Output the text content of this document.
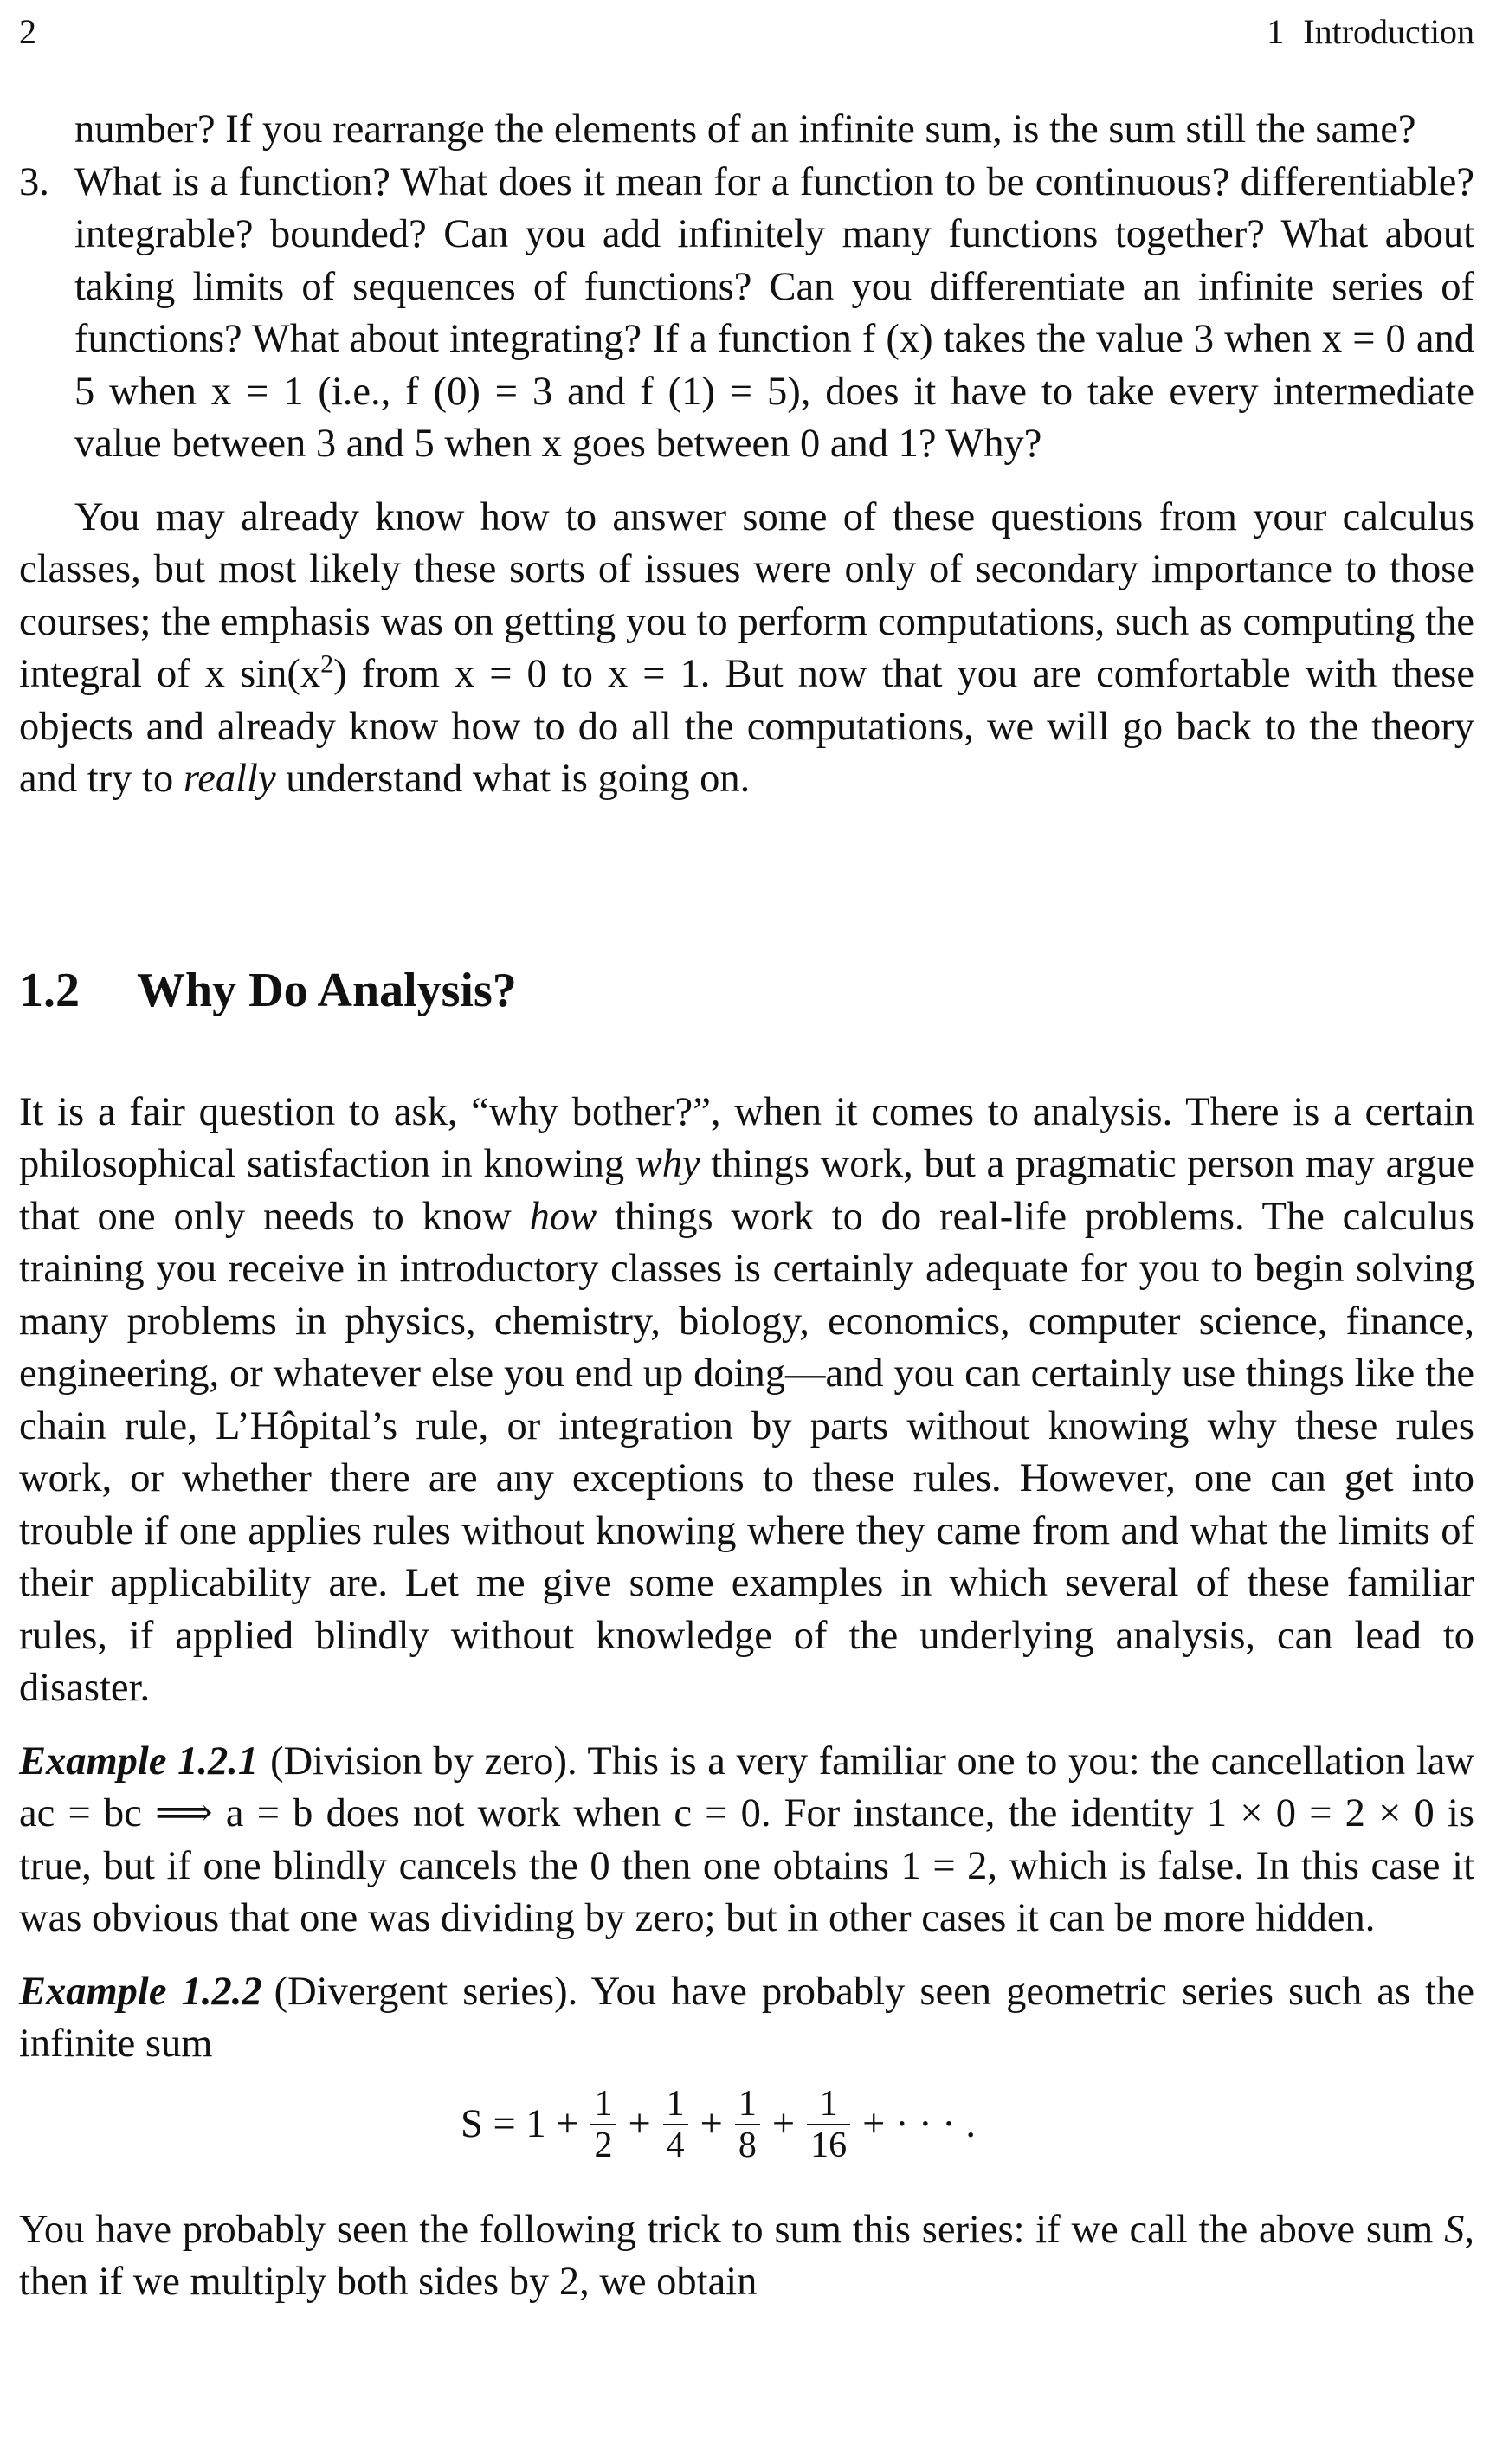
2	1 Introduction

number? If you rearrange the elements of an infinite sum, is the sum still the same?

3. What is a function? What does it mean for a function to be continuous? differentiable? integrable? bounded? Can you add infinitely many functions together? What about taking limits of sequences of functions? Can you differentiate an infinite series of functions? What about integrating? If a function f (x) takes the value 3 when x = 0 and 5 when x = 1 (i.e., f (0) = 3 and f (1) = 5), does it have to take every intermediate value between 3 and 5 when x goes between 0 and 1? Why?

You may already know how to answer some of these questions from your calculus classes, but most likely these sorts of issues were only of secondary importance to those courses; the emphasis was on getting you to perform computations, such as computing the integral of x $\sin(x^2)$ from x = 0 to x = 1. But now that you are comfortable with these objects and already know how to do all the computations, we will go back to the theory and try to really understand what is going on.

1.2 Why Do Analysis?

It is a fair question to ask, “why bother?”, when it comes to analysis. There is a certain philosophical satisfaction in knowing why things work, but a pragmatic person may argue that one only needs to know how things work to do real-life problems. The calculus training you receive in introductory classes is certainly adequate for you to begin solving many problems in physics, chemistry, biology, economics, computer science, finance, engineering, or whatever else you end up doing—and you can certainly use things like the chain rule, L’Hôpital’s rule, or integration by parts without knowing why these rules work, or whether there are any exceptions to these rules. However, one can get into trouble if one applies rules without knowing where they came from and what the limits of their applicability are. Let me give some examples in which several of these familiar rules, if applied blindly without knowledge of the underlying analysis, can lead to disaster.

Example 1.2.1 (Division by zero). This is a very familiar one to you: the cancellation law ac = bc ⟹ a = b does not work when c = 0. For instance, the identity 1 × 0 = 2 × 0 is true, but if one blindly cancels the 0 then one obtains 1 = 2, which is false. In this case it was obvious that one was dividing by zero; but in other cases it can be more hidden.

Example 1.2.2 (Divergent series). You have probably seen geometric series such as the infinite sum

$S = 1 + \frac{1}{2} + \frac{1}{4} + \frac{1}{8} + \frac{1}{16}$ + · · · .

You have probably seen the following trick to sum this series: if we call the above sum S, then if we multiply both sides by 2, we obtain
